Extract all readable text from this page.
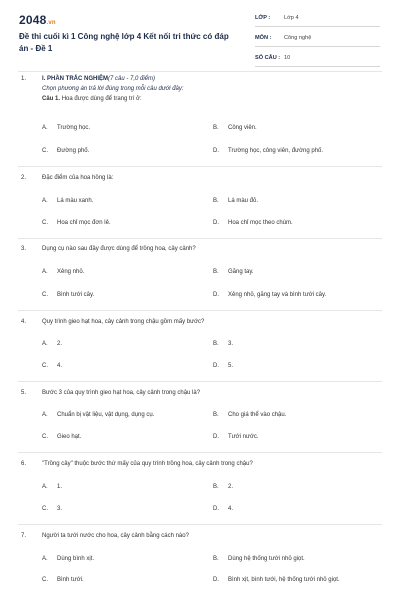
2048.vn
Đề thi cuối kì 1 Công nghệ lớp 4 Kết nối tri thức có đáp án - Đề 1
LỚP : Lớp 4
MÔN : Công nghệ
SỐ CÂU : 10
1.	I. PHẦN TRẮC NGHIỆM(7 câu - 7,0 điểm)
Chọn phương án trả lời đúng trong mỗi câu dưới đây:
Câu 1. Hoa được dùng để trang trí ở:
A. Trường học.	B. Công viên.
C. Đường phố.	D. Trường học, công viên, đường phố.
2.	Đặc điểm của hoa hồng là:
A. Lá màu xanh.	B. Lá màu đỏ.
C. Hoa chỉ mọc đơn lẻ.	D. Hoa chỉ mọc theo chùm.
3.	Dụng cụ nào sau đây được dùng để trồng hoa, cây cảnh?
A. Xẻng nhỏ.	B. Găng tay.
C. Bình tưới cây.	D. Xẻng nhỏ, găng tay và bình tưới cây.
4.	Quy trình gieo hạt hoa, cây cảnh trong chậu gồm mấy bước?
A. 2.	B. 3.
C. 4.	D. 5.
5.	Bước 3 của quy trình gieo hạt hoa, cây cảnh trong chậu là?
A. Chuẩn bị vật liệu, vật dụng, dụng cụ.	B. Cho giá thể vào chậu.
C. Gieo hạt.	D. Tưới nước.
6.	"Trồng cây" thuộc bước thứ mấy của quy trình trồng hoa, cây cảnh trong chậu?
A. 1.	B. 2.
C. 3.	D. 4.
7.	Người ta tưới nước cho hoa, cây cảnh bằng cách nào?
A. Dùng bình xịt.	B. Dùng hệ thống tưới nhỏ giọt.
C. Bình tưới.	D. Bình xịt, bình tưới, hệ thống tưới nhỏ giọt.
